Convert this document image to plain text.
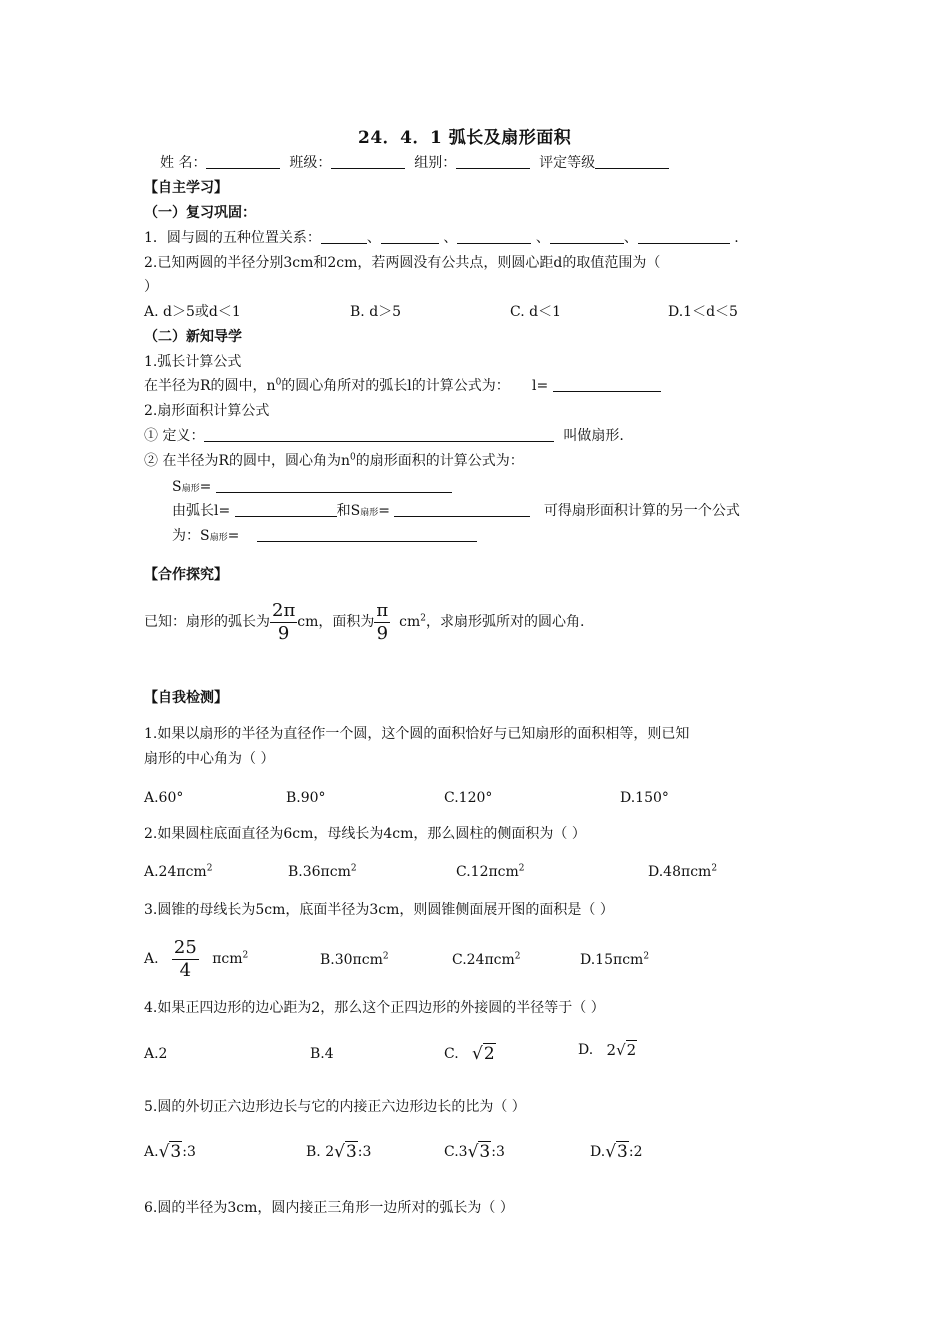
24．4．1 弧长及扇形面积
姓 名：	班级：	组别：	评定等级
【自主学习】
（一）复习巩固：
1．圆与圆的五种位置关系：	、	、	、	、	.
2.已知两圆的半径分别3cm和2cm，若两圆没有公共点，则圆心距d的取值范围为（
）
A. d＞5或d＜1	B. d＞5	C. d＜1	D.1＜d＜5
（二）新知导学
1.弧长计算公式
在半径为R的圆中，$n^0$的圆心角所对的弧长l的计算公式为： l=
2.扇形面积计算公式
① 定义：	叫做扇形.
② 在半径为R的圆中，圆心角为$n^0$的扇形面积的计算公式为：
S扇形=
由弧长l=	和S扇形=	可得扇形面积计算的另一个公式
为：S扇形=
【合作探究】
已知：扇形的弧长为 $\frac{2\pi}{9}$ cm，面积为 $\frac{\pi}{9} cm^2$，求扇形弧所对的圆心角.
【自我检测】
1.如果以扇形的半径为直径作一个圆，这个圆的面积恰好与已知扇形的面积相等，则已知
扇形的中心角为（ ）
A.60°	B.90°	C.120°	D.150°
2.如果圆柱底面直径为6cm，母线长为4cm，那么圆柱的侧面积为（ ）
A.24πcm$^2$	B.36πcm$^2$	C.12πcm$^2$	D.48πcm$^2$
3.圆锥的母线长为5cm，底面半径为3cm，则圆锥侧面展开图的面积是（ ）
A. $\frac{25}{4} \pi cm^2$	B.30πcm$^2$	C.24πcm$^2$	D.15πcm$^2$
4.如果正四边形的边心距为2，那么这个正四边形的外接圆的半径等于（ ）
A.2	B.4	C. √2	D. 2√2
5.圆的外切正六边形边长与它的内接正六边形边长的比为（ ）
A.√3:3	B. 2√3:3	C.3√3:3	D.√3:2
6.圆的半径为3cm，圆内接正三角形一边所对的弧长为（ ）
